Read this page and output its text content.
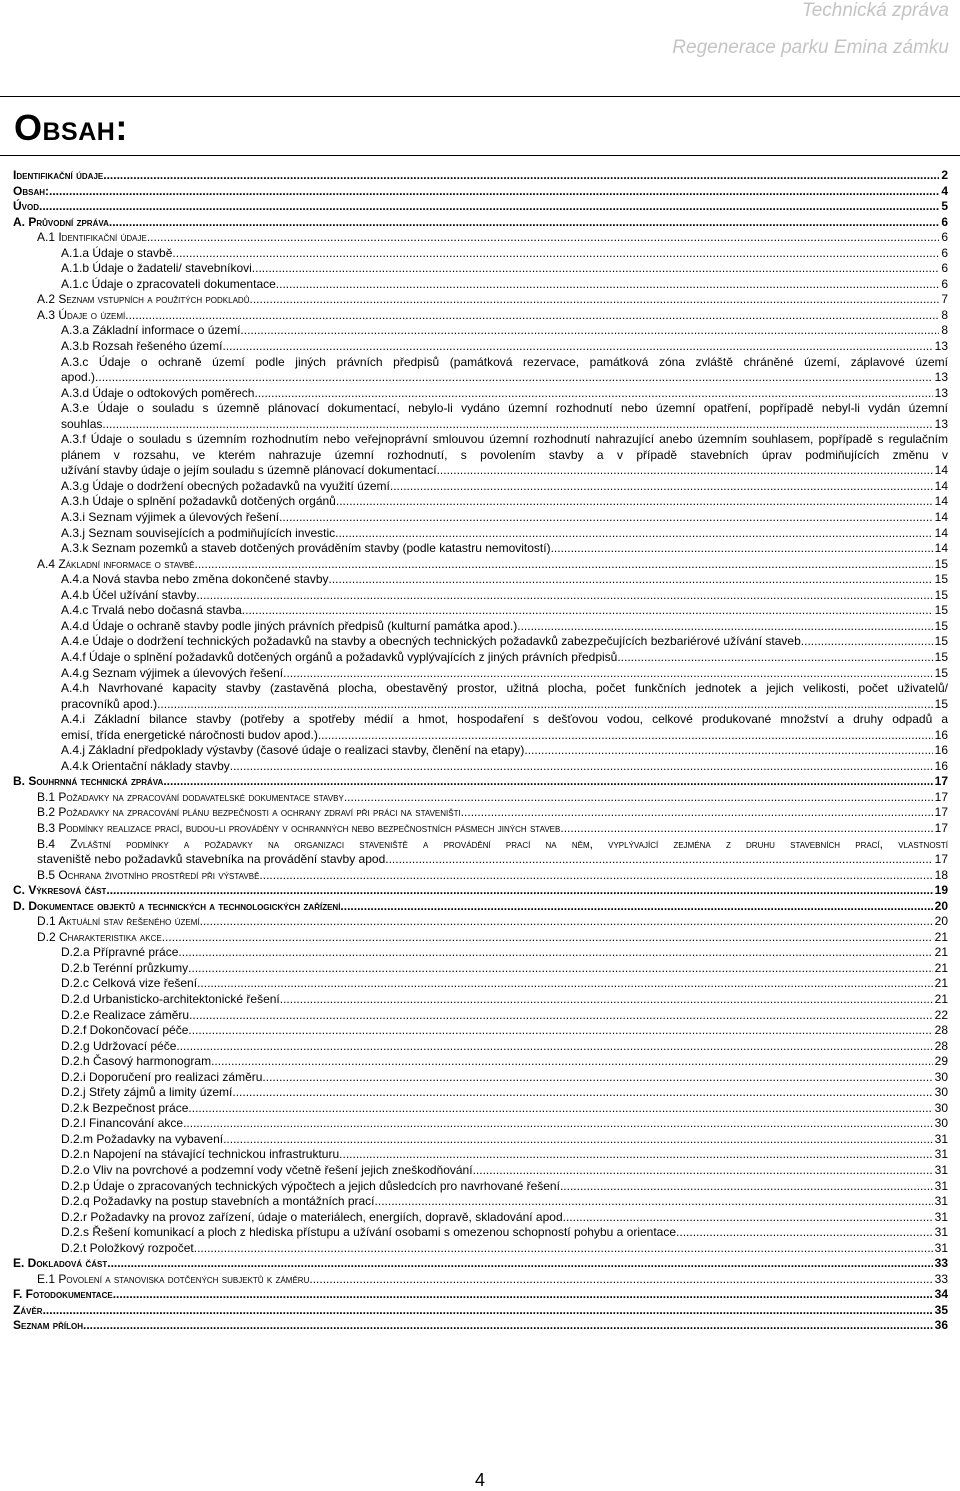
Technická zpráva
Regenerace parku Emina zámku
Obsah:
Identifikační údaje .....	2
Obsah: .....	4
Úvod .....	5
A. Průvodní zpráva .....	6
A.1 Identifikační údaje .....	6
A.1.a Údaje o stavbě .....	6
A.1.b Údaje o žadateli/ stavebníkovi .....	6
A.1.c Údaje o zpracovateli dokumentace .....	6
A.2 Seznam vstupních a použitých podkladů .....	7
A.3 Údaje o území .....	8
A.3.a Základní informace o území .....	8
A.3.b Rozsah řešeného území .....	13
A.3.c Údaje o ochraně území podle jiných právních předpisů (památková rezervace, památková zóna zvláště chráněné území, záplavové území
apod.) .....	13
A.3.d Údaje o odtokových poměrech .....	13
A.3.e Údaje o souladu s územně plánovací dokumentací, nebylo-li vydáno územní rozhodnutí nebo územní opatření, popřípadě nebyl-li vydán územní
souhlas .....	13
A.3.f Údaje o souladu s územním rozhodnutím nebo veřejnoprávní smlouvou územní rozhodnutí nahrazující anebo územním souhlasem, popřípadě s regulačním plánem v rozsahu, ve kterém nahrazuje územní rozhodnutí, s povolením stavby a v případě stavebních úprav podmiňujících změnu v
užívání stavby údaje o jejím souladu s územně plánovací dokumentací .....	14
A.3.g Údaje o dodržení obecných požadavků na využití území .....	14
A.3.h Údaje o splnění požadavků dotčených orgánů .....	14
A.3.i Seznam výjimek a úlevových řešení .....	14
A.3.j Seznam souvisejících a podmiňujících investic .....	14
A.3.k Seznam pozemků a staveb dotčených prováděním stavby (podle katastru nemovitostí) .....	14
A.4 Základní informace o stavbě .....	15
A.4.a Nová stavba nebo změna dokončené stavby .....	15
A.4.b Účel užívání stavby .....	15
A.4.c Trvalá nebo dočasná stavba .....	15
A.4.d Údaje o ochraně stavby podle jiných právních předpisů (kulturní památka apod.) .....	15
A.4.e Údaje o dodržení technických požadavků na stavby a obecných technických požadavků zabezpečujících bezbariérové užívání staveb .....	15
A.4.f Údaje o splnění požadavků dotčených orgánů a požadavků vyplývajících z jiných právních předpisů .....	15
A.4.g Seznam výjimek a úlevových řešení .....	15
A.4.h Navrhované kapacity stavby (zastavěná plocha, obestavěný prostor, užitná plocha, počet funkčních jednotek a jejich velikosti, počet uživatelů/
pracovníků apod.) .....	15
A.4.i Základní bilance stavby (potřeby a spotřeby médií a hmot, hospodaření s dešťovou vodou, celkové produkované množství a druhy odpadů a
emisí, třída energetické náročnosti budov apod.) .....	16
A.4.j Základní předpoklady výstavby (časové údaje o realizaci stavby, členění na etapy) .....	16
A.4.k Orientační náklady stavby .....	16
B. Souhrnná technická zpráva .....	17
B.1 Požadavky na zpracování dodavatelské dokumentace stavby .....	17
B.2 Požadavky na zpracování plánu bezpečnosti a ochrany zdraví při práci na staveništi .....	17
B.3 Podmínky realizace prací, budou-li prováděny v ochranných nebo bezpečnostních pásmech jiných staveb .....	17
B.4 Zvláštní podmínky a požadavky na organizaci staveniště a provádění prací na něm, vyplývající zejména z druhu stavebních prací, vlastností
staveniště nebo požadavků stavebníka na provádění stavby apod. .....	17
B.5 Ochrana životního prostředí při výstavbě .....	18
C. Výkresová část .....	19
D. Dokumentace objektů a technických a technologických zařízení .....	20
D.1 Aktuální stav řešeného území .....	20
D.2 Charakteristika akce .....	21
D.2.a Přípravné práce .....	21
D.2.b Terénní průzkumy .....	21
D.2.c Celková vize řešení .....	21
D.2.d Urbanisticko-architektonické řešení .....	21
D.2.e Realizace záměru .....	22
D.2.f Dokončovací péče .....	28
D.2.g Udržovací péče .....	28
D.2.h Časový harmonogram .....	29
D.2.i Doporučení pro realizaci záměru .....	30
D.2.j Střety zájmů a limity území .....	30
D.2.k Bezpečnost práce .....	30
D.2.l Financování akce .....	30
D.2.m Požadavky na vybavení .....	31
D.2.n Napojení na stávající technickou infrastrukturu .....	31
D.2.o Vliv na povrchové a podzemní vody včetně řešení jejich zneškodňování .....	31
D.2.p Údaje o zpracovaných technických výpočtech a jejich důsledcích pro navrhované řešení .....	31
D.2.q Požadavky na postup stavebních a montážních prací .....	31
D.2.r Požadavky na provoz zařízení, údaje o materiálech, energiích, dopravě, skladování apod. .....	31
D.2.s Řešení komunikací a ploch z hlediska přístupu a užívání osobami s omezenou schopností pohybu a orientace .....	31
D.2.t Položkový rozpočet .....	31
E. Dokladová část .....	33
E.1 Povolení a stanoviska dotčených subjektů k záměru .....	33
F. Fotodokumentace .....	34
Závěr .....	35
Seznam příloh .....	36
4
